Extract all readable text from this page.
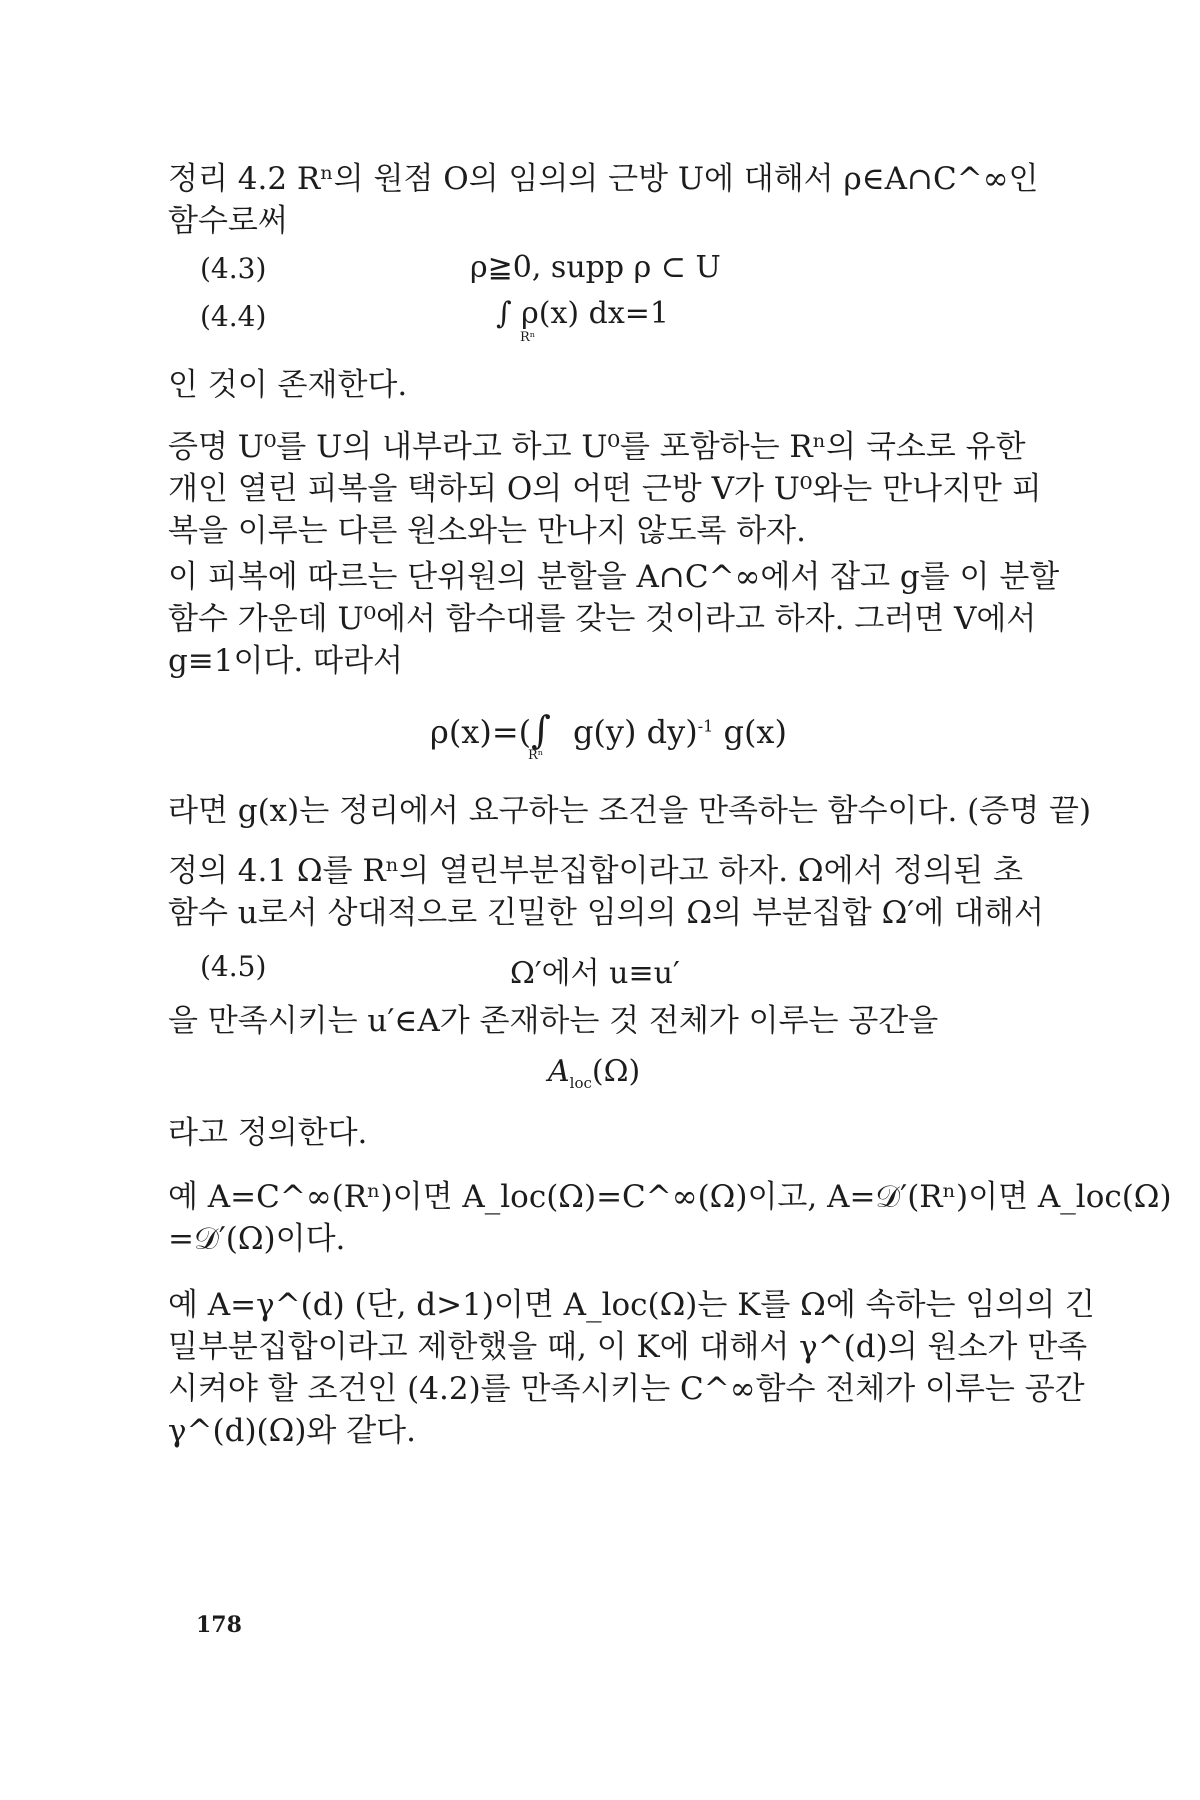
정리 4.2 Rⁿ의 원점 O의 임의의 근방 U에 대해서 ρ∈A∩C^∞인
함수로써
(4.3)	ρ≧0, supp ρ ⊂ U
(4.4)	∫ ρ(x) dx=1
Rⁿ
인 것이 존재한다.
증명 U⁰를 U의 내부라고 하고 U⁰를 포함하는 Rⁿ의 국소로 유한
개인 열린 피복을 택하되 O의 어떤 근방 V가 U⁰와는 만나지만 피
복을 이루는 다른 원소와는 만나지 않도록 하자.
이 피복에 따르는 단위원의 분할을 A∩C^∞에서 잡고 g를 이 분할
함수 가운데 U⁰에서 함수대를 갖는 것이라고 하자. 그러면 V에서
g≡1이다. 따라서
ρ(x)=(∫ g(y) dy)$^{-1}$ g(x)
Rⁿ
라면 g(x)는 정리에서 요구하는 조건을 만족하는 함수이다. (증명 끝)
정의 4.1 Ω를 Rⁿ의 열린부분집합이라고 하자. Ω에서 정의된 초
함수 u로서 상대적으로 긴밀한 임의의 Ω의 부분집합 Ω′에 대해서
(4.5)	Ω′에서 u≡u′
을 만족시키는 u′∈A가 존재하는 것 전체가 이루는 공간을
$A_{loc}(\Omega)$
라고 정의한다.
예 A=C^∞(Rⁿ)이면 A_loc(Ω)=C^∞(Ω)이고, A=𝒟′(Rⁿ)이면 A_loc(Ω)
=𝒟′(Ω)이다.
예 A=γ^(d) (단, d>1)이면 A_loc(Ω)는 K를 Ω에 속하는 임의의 긴
밀부분집합이라고 제한했을 때, 이 K에 대해서 γ^(d)의 원소가 만족
시켜야 할 조건인 (4.2)를 만족시키는 C^∞함수 전체가 이루는 공간
γ^(d)(Ω)와 같다.
178
